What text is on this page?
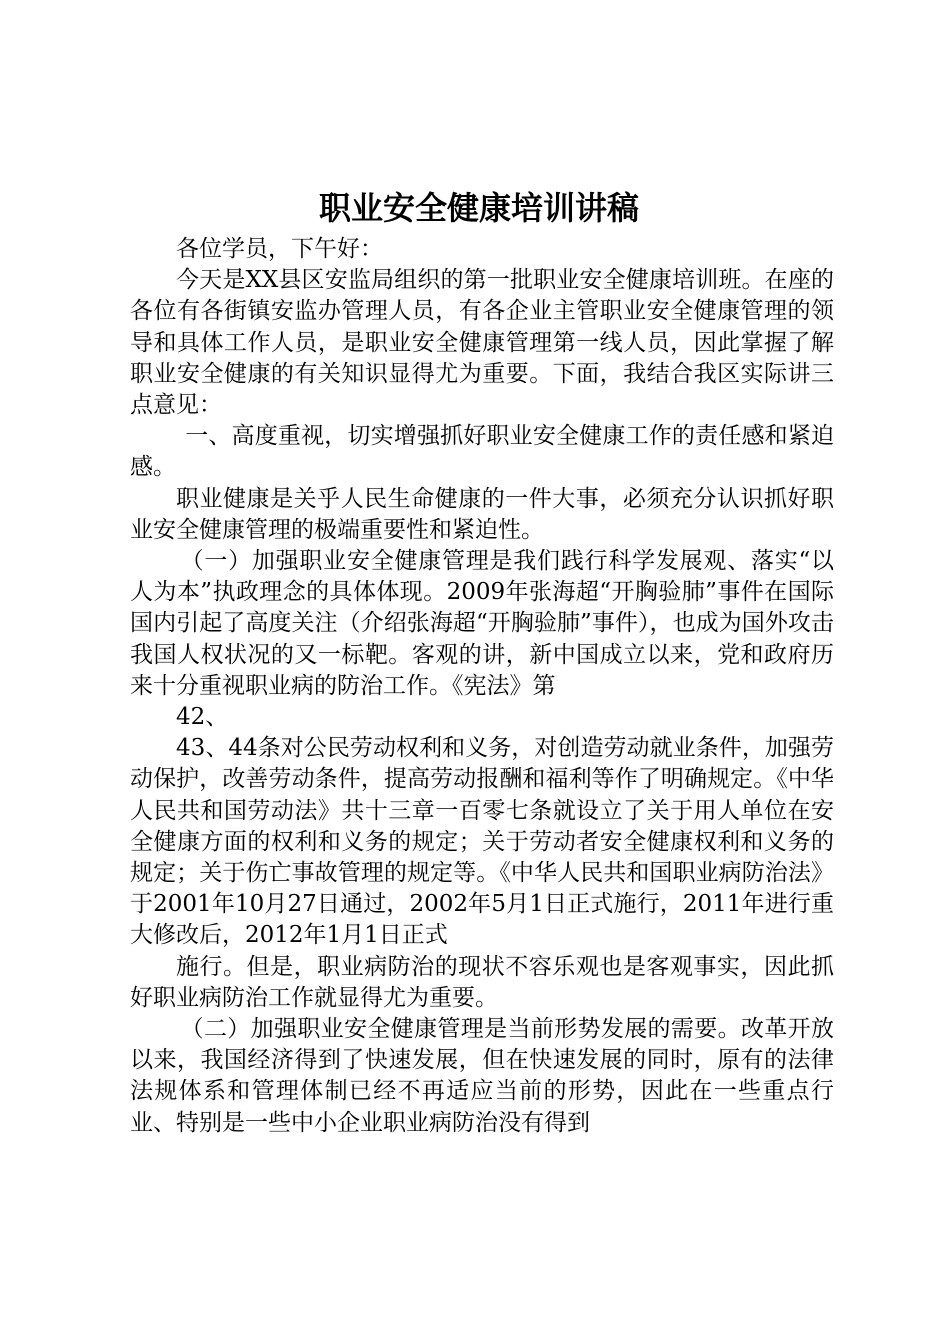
职业安全健康培训讲稿

各位学员，下午好：

今天是XX县区安监局组织的第一批职业安全健康培训班。在座的各位有各街镇安监办管理人员，有各企业主管职业安全健康管理的领导和具体工作人员，是职业安全健康管理第一线人员，因此掌握了解职业安全健康的有关知识显得尤为重要。下面，我结合我区实际讲三点意见：

一、高度重视，切实增强抓好职业安全健康工作的责任感和紧迫感。

职业健康是关乎人民生命健康的一件大事，必须充分认识抓好职业安全健康管理的极端重要性和紧迫性。

（一）加强职业安全健康管理是我们践行科学发展观、落实“以人为本”执政理念的具体体现。2009年张海超“开胸验肺”事件在国际国内引起了高度关注（介绍张海超“开胸验肺”事件），也成为国外攻击我国人权状况的又一标靶。客观的讲，新中国成立以来，党和政府历来十分重视职业病的防治工作。《宪法》第

42、

43、44条对公民劳动权利和义务，对创造劳动就业条件，加强劳动保护，改善劳动条件，提高劳动报酬和福利等作了明确规定。《中华人民共和国劳动法》共十三章一百零七条就设立了关于用人单位在安全健康方面的权利和义务的规定；关于劳动者安全健康权利和义务的规定；关于伤亡事故管理的规定等。《中华人民共和国职业病防治法》于2001年10月27日通过，2002年5月1日正式施行，2011年进行重大修改后，2012年1月1日正式

施行。但是，职业病防治的现状不容乐观也是客观事实，因此抓好职业病防治工作就显得尤为重要。

（二）加强职业安全健康管理是当前形势发展的需要。改革开放以来，我国经济得到了快速发展，但在快速发展的同时，原有的法律法规体系和管理体制已经不再适应当前的形势，因此在一些重点行业、特别是一些中小企业职业病防治没有得到
